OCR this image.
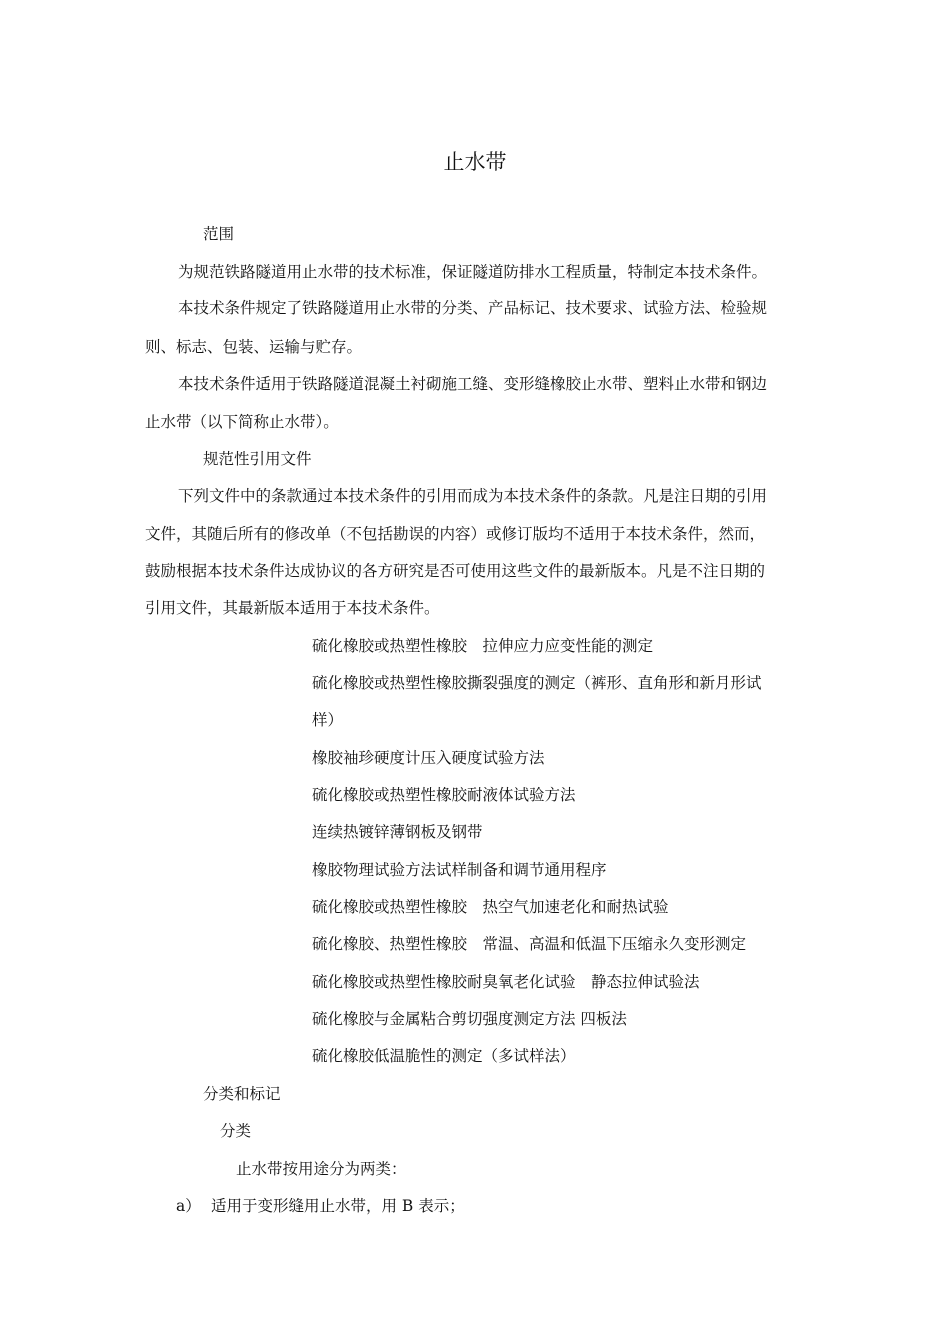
止水带
范围
为规范铁路隧道用止水带的技术标准，保证隧道防排水工程质量，特制定本技术条件。
本技术条件规定了铁路隧道用止水带的分类、产品标记、技术要求、试验方法、检验规
则、标志、包装、运输与贮存。
本技术条件适用于铁路隧道混凝土衬砌施工缝、变形缝橡胶止水带、塑料止水带和钢边
止水带（以下简称止水带）。
规范性引用文件
下列文件中的条款通过本技术条件的引用而成为本技术条件的条款。凡是注日期的引用
文件，其随后所有的修改单（不包括勘误的内容）或修订版均不适用于本技术条件，然而，
鼓励根据本技术条件达成协议的各方研究是否可使用这些文件的最新版本。凡是不注日期的
引用文件，其最新版本适用于本技术条件。
硫化橡胶或热塑性橡胶　拉伸应力应变性能的测定
硫化橡胶或热塑性橡胶撕裂强度的测定（裤形、直角形和新月形试
样）
橡胶袖珍硬度计压入硬度试验方法
硫化橡胶或热塑性橡胶耐液体试验方法
连续热镀锌薄钢板及钢带
橡胶物理试验方法试样制备和调节通用程序
硫化橡胶或热塑性橡胶　热空气加速老化和耐热试验
硫化橡胶、热塑性橡胶　常温、高温和低温下压缩永久变形测定
硫化橡胶或热塑性橡胶耐臭氧老化试验　静态拉伸试验法
硫化橡胶与金属粘合剪切强度测定方法 四板法
硫化橡胶低温脆性的测定（多试样法）
分类和标记
分类
止水带按用途分为两类：
a） 适用于变形缝用止水带，用 B 表示；
